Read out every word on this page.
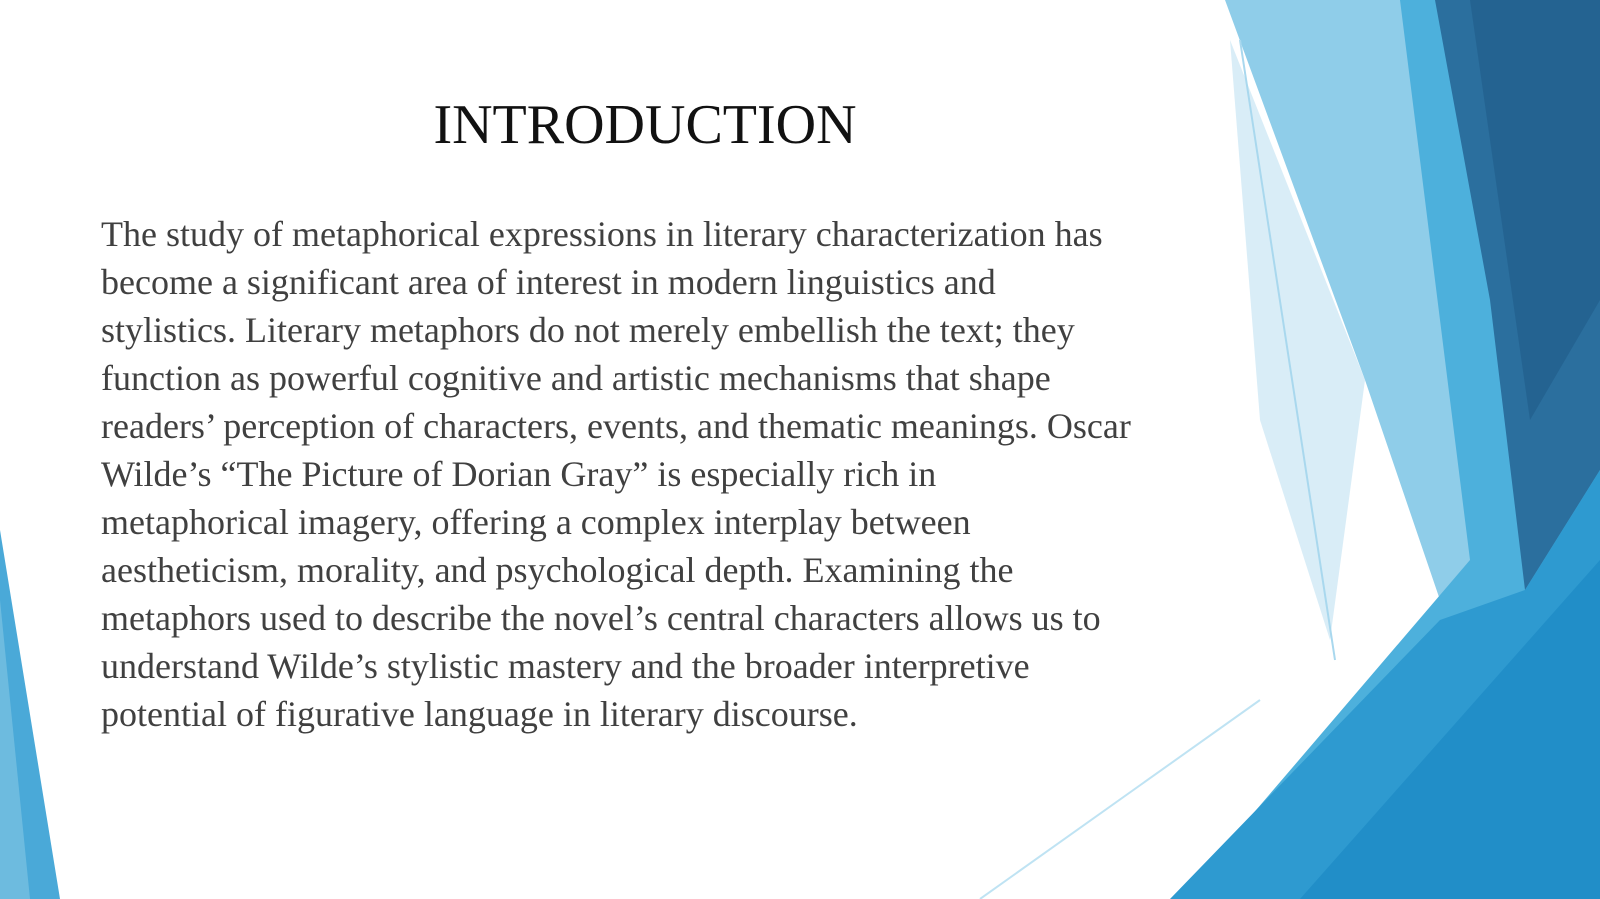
INTRODUCTION

The study of metaphorical expressions in literary characterization has
become a significant area of interest in modern linguistics and
stylistics. Literary metaphors do not merely embellish the text; they
function as powerful cognitive and artistic mechanisms that shape
readers’ perception of characters, events, and thematic meanings. Oscar
Wilde’s “The Picture of Dorian Gray” is especially rich in
metaphorical imagery, offering a complex interplay between
aestheticism, morality, and psychological depth. Examining the
metaphors used to describe the novel’s central characters allows us to
understand Wilde’s stylistic mastery and the broader interpretive
potential of figurative language in literary discourse.
